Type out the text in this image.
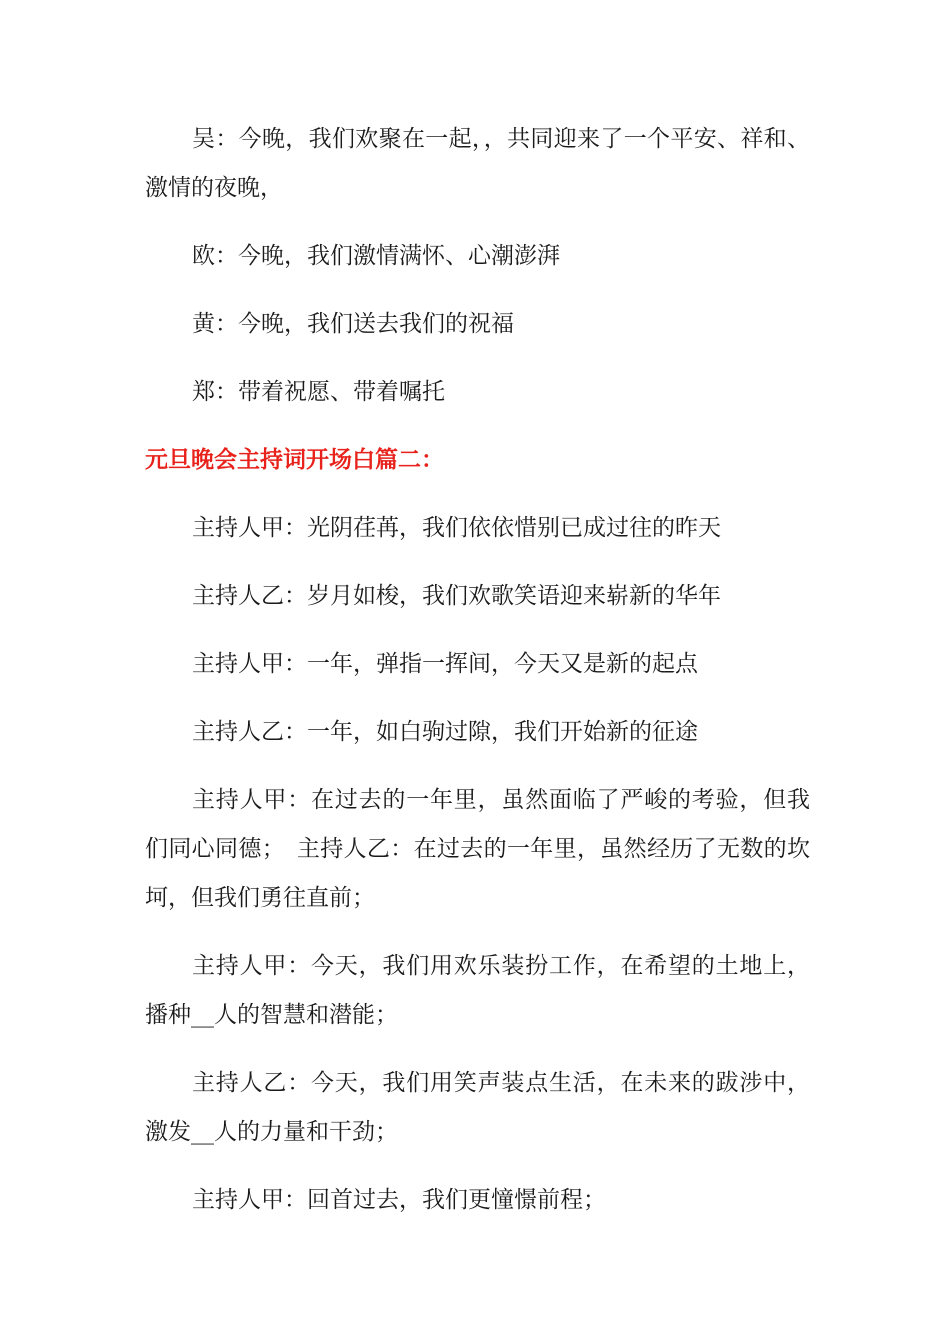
吴：今晚，我们欢聚在一起，，共同迎来了一个平安、祥和、激情的夜晚，

欧：今晚，我们激情满怀、心潮澎湃

黄：今晚，我们送去我们的祝福

郑：带着祝愿、带着嘱托

元旦晚会主持词开场白篇二：

主持人甲：光阴荏苒，我们依依惜别已成过往的昨天

主持人乙：岁月如梭，我们欢歌笑语迎来崭新的华年

主持人甲：一年，弹指一挥间，今天又是新的起点

主持人乙：一年，如白驹过隙，我们开始新的征途

主持人甲：在过去的一年里，虽然面临了严峻的考验，但我们同心同德；　主持人乙：在过去的一年里，虽然经历了无数的坎坷，但我们勇往直前；

主持人甲：今天，我们用欢乐装扮工作，在希望的土地上，播种__人的智慧和潜能；

主持人乙：今天，我们用笑声装点生活，在未来的跋涉中，激发__人的力量和干劲；

主持人甲：回首过去，我们更憧憬前程；
